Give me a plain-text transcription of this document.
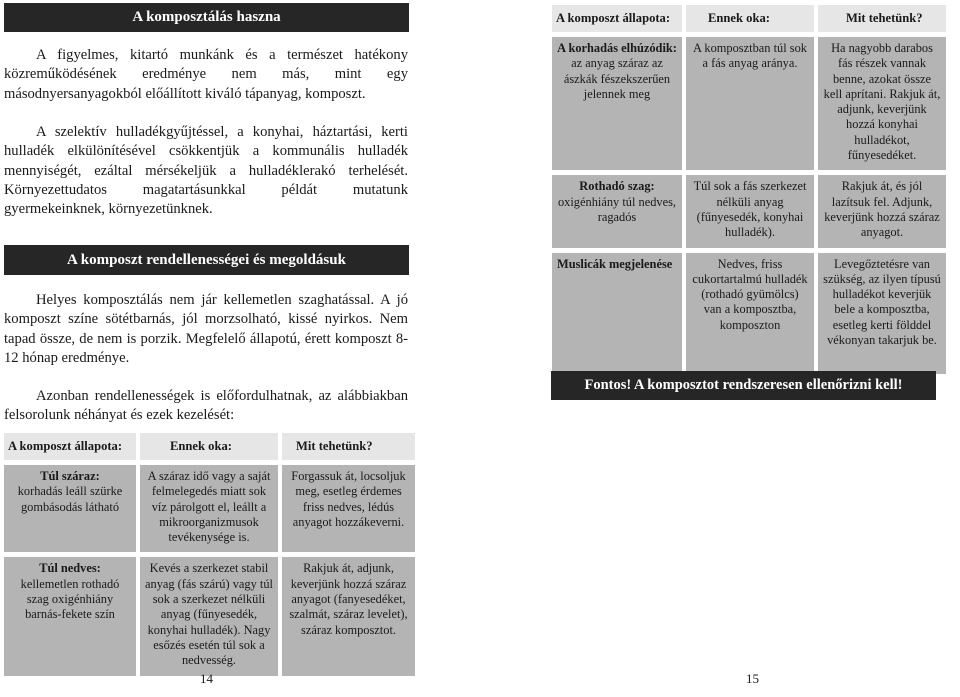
A komposztálás haszna

A figyelmes, kitartó munkánk és a természet hatékony közreműködésének eredménye nem más, mint egy másodnyersanyagokból előállított kiváló tápanyag, komposzt.

A szelektív hulladékgyűjtéssel, a konyhai, háztartási, kerti hulladék elkülönítésével csökkentjük a kommunális hulladék mennyiségét, ezáltal mérsékeljük a hulladéklerakó terhelését. Környezettudatos magatartásunkkal példát mutatunk gyermekeinknek, környezetünknek.

A komposzt rendellenességei és megoldásuk

Helyes komposztálás nem jár kellemetlen szaghatással. A jó komposzt színe sötétbarnás, jól morzsolható, kissé nyirkos. Nem tapad össze, de nem is porzik. Megfelelő állapotú, érett komposzt 8-12 hónap eredménye.

Azonban rendellenességek is előfordulhatnak, az alábbiakban felsorolunk néhányat és ezek kezelését:

A komposzt állapota:	Ennek oka:	Mit tehetünk?

Túl száraz:
korhadás leáll szürke gombásodás látható	A száraz idő vagy a saját felmelegedés miatt sok víz párolgott el, leállt a mikroorganizmusok tevékenysége is.	Forgassuk át, locsoljuk meg, esetleg érdemes friss nedves, lédús anyagot hozzákeverni.

Túl nedves:
kellemetlen rothadó szag oxigénhiány barnás-fekete szín	Kevés a szerkezet stabil anyag (fás szárú) vagy túl sok a szerkezet nélküli anyag (fűnyesedék, konyhai hulladék). Nagy esőzés esetén túl sok a nedvesség.	Rakjuk át, adjunk, keverjünk hozzá száraz anyagot (fanyesedéket, szalmát, száraz levelet), száraz komposztot.
14
A komposzt állapota:	Ennek oka:	Mit tehetünk?

A korhadás elhúzódik:
az anyag száraz az ászkák fészekszerűen jelennek meg	A komposztban túl sok a fás anyag aránya.	Ha nagyobb darabos fás részek vannak benne, azokat össze kell aprítani. Rakjuk át, adjunk, keverjünk hozzá konyhai hulladékot, fűnyesedéket.

Rothadó szag:
oxigénhiány túl nedves, ragadós	Túl sok a fás szerkezet nélküli anyag (fűnyesedék, konyhai hulladék).	Rakjuk át, és jól lazítsuk fel. Adjunk, keverjünk hozzá száraz anyagot.

Muslicák megjelenése	Nedves, friss cukortartalmú hulladék (rothadó gyümölcs) van a komposztba, komposzton	Levegőztetésre van szükség, az ilyen típusú hulladékot keverjük bele a komposztba, esetleg kerti földdel vékonyan takarjuk be.
Fontos! A komposztot rendszeresen ellenőrizni kell!
15
